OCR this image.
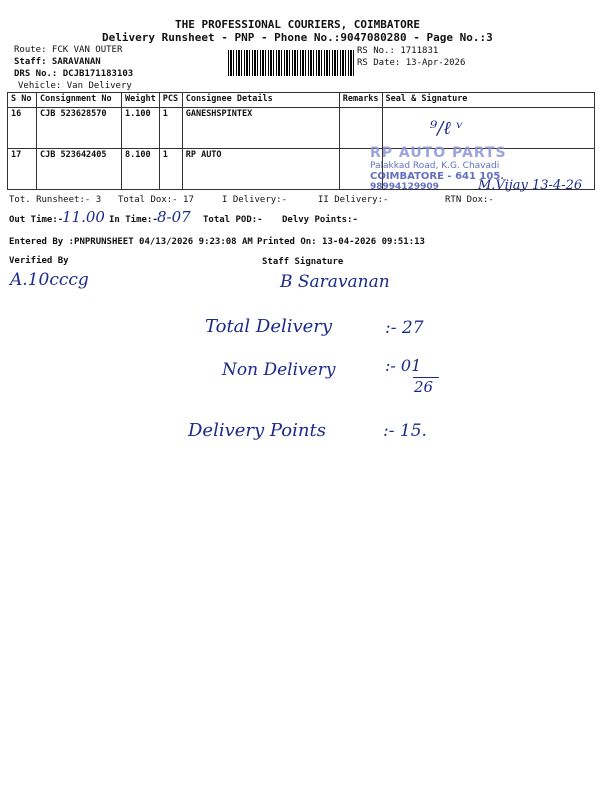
THE PROFESSIONAL COURIERS, COIMBATORE
Delivery Runsheet - PNP - Phone No.:9047080280 - Page No.:3
Route: FCK VAN OUTER
Staff: SARAVANAN
DRS No.: DCJB171183103
Vehicle: Van Delivery
RS No.: 1711831
RS Date: 13-Apr-2026
S No	Consignment No	Weight	PCS	Consignee Details	Remarks	Seal & Signature
16	CJB 523628570	1.100	1	GANESHSPINTEX		
17	CJB 523642405	8.100	1	RP AUTO		
⁹/ℓ ᵛ
RP AUTO PARTS
Palakkad Road, K.G. Chavadi
COIMBATORE - 641 105.
98994129909	M.Vijay 13-4-26
Tot. Runsheet:- 3 Total Dox:- 17	I Delivery:-	II Delivery:-	RTN Dox:-
Out Time:-
11.00 In Time:- 8-07 Total POD:- Delvy Points:-
Entered By :PNPRUNSHEET 04/13/2026 9:23:08 AM Printed On: 13-04-2026 09:51:13
Verified By	Staff Signature
A.10cccg	B Saravanan
Total Delivery	:- 27
Non Delivery	:- 01
26
Delivery Points	:- 15.
